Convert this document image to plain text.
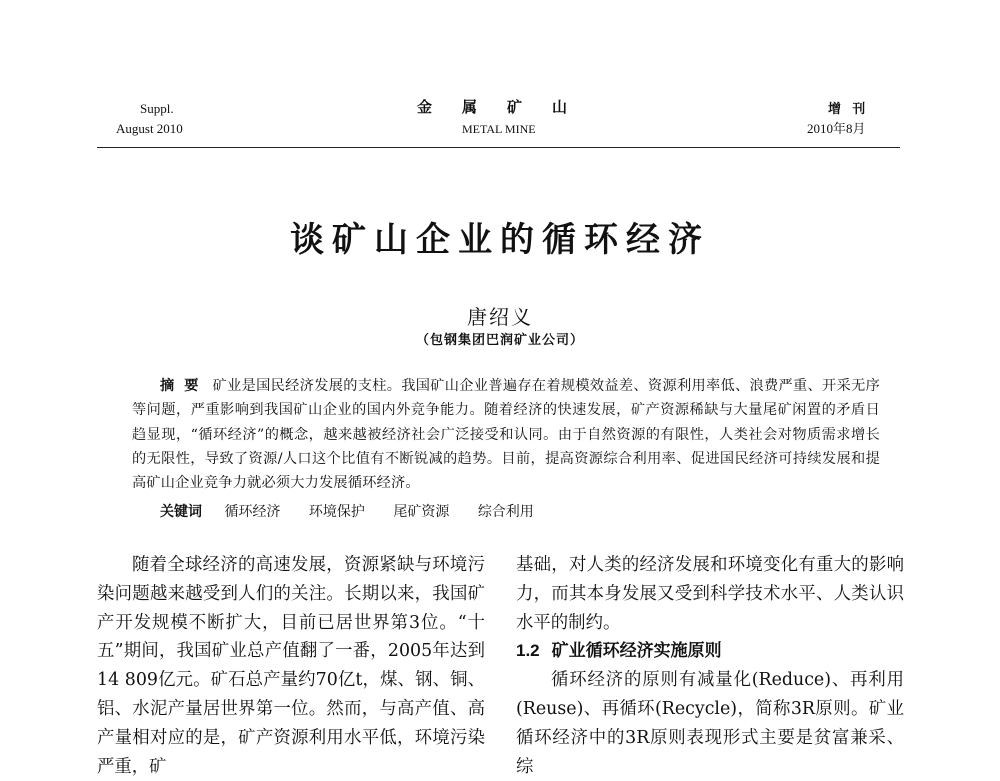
Suppl.
August 2010
金属矿山
METAL MINE
增 刊
2010年8月
谈矿山企业的循环经济
唐绍义
（包钢集团巴润矿业公司）
摘要 矿业是国民经济发展的支柱。我国矿山企业普遍存在着规模效益差、资源利用率低、浪费严重、开采无序等问题，严重影响到我国矿山企业的国内外竞争能力。随着经济的快速发展，矿产资源稀缺与大量尾矿闲置的矛盾日趋显现，“循环经济”的概念，越来越被经济社会广泛接受和认同。由于自然资源的有限性，人类社会对物质需求增长的无限性，导致了资源/人口这个比值有不断锐减的趋势。目前，提高资源综合利用率、促进国民经济可持续发展和提高矿山企业竞争力就必须大力发展循环经济。
关键词 循环经济 环境保护 尾矿资源 综合利用

随着全球经济的高速发展，资源紧缺与环境污染问题越来越受到人们的关注。长期以来，我国矿产开发规模不断扩大，目前已居世界第3位。“十五”期间，我国矿业总产值翻了一番，2005年达到14 809亿元。矿石总产量约70亿t，煤、钢、铜、铝、水泥产量居世界第一位。然而，与高产值、高产量相对应的是，矿产资源利用水平低，环境污染严重，矿

基础，对人类的经济发展和环境变化有重大的影响力，而其本身发展又受到科学技术水平、人类认识水平的制约。

1.2 矿业循环经济实施原则

循环经济的原则有减量化(Reduce)、再利用(Reuse)、再循环(Recycle)，简称3R原则。矿业循环经济中的3R原则表现形式主要是贫富兼采、综
